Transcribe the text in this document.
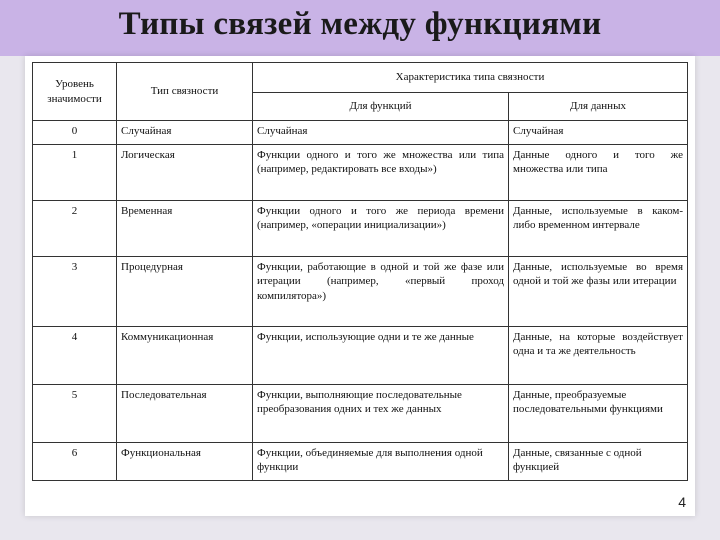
Типы связей между функциями
Уровень значимости	Тип связности	Характеристика типа связности	
		Для функций	Для данных
0	Случайная	Случайная	Случайная
1	Логическая	Функции одного и того же множества или типа (например, редактировать все входы»)	Данные одного и того же множества или типа
2	Временная	Функции одного и того же периода времени (например, «операции инициализации»)	Данные, используемые в каком-либо временном интервале
3	Процедурная	Функции, работающие в одной и той же фазе или итерации (например, «первый проход компилятора»)	Данные, используемые во время одной и той же фазы или итерации
4	Коммуникационная	Функции, использующие одни и те же данные	Данные, на которые воздействует одна и та же деятельность
5	Последовательная	Функции, выполняющие последовательные преобразования одних и тех же данных	Данные, преобразуемые последовательными функциями
6	Функциональная	Функции, объединяемые для выполнения одной функции	Данные, связанные с одной функцией
4
